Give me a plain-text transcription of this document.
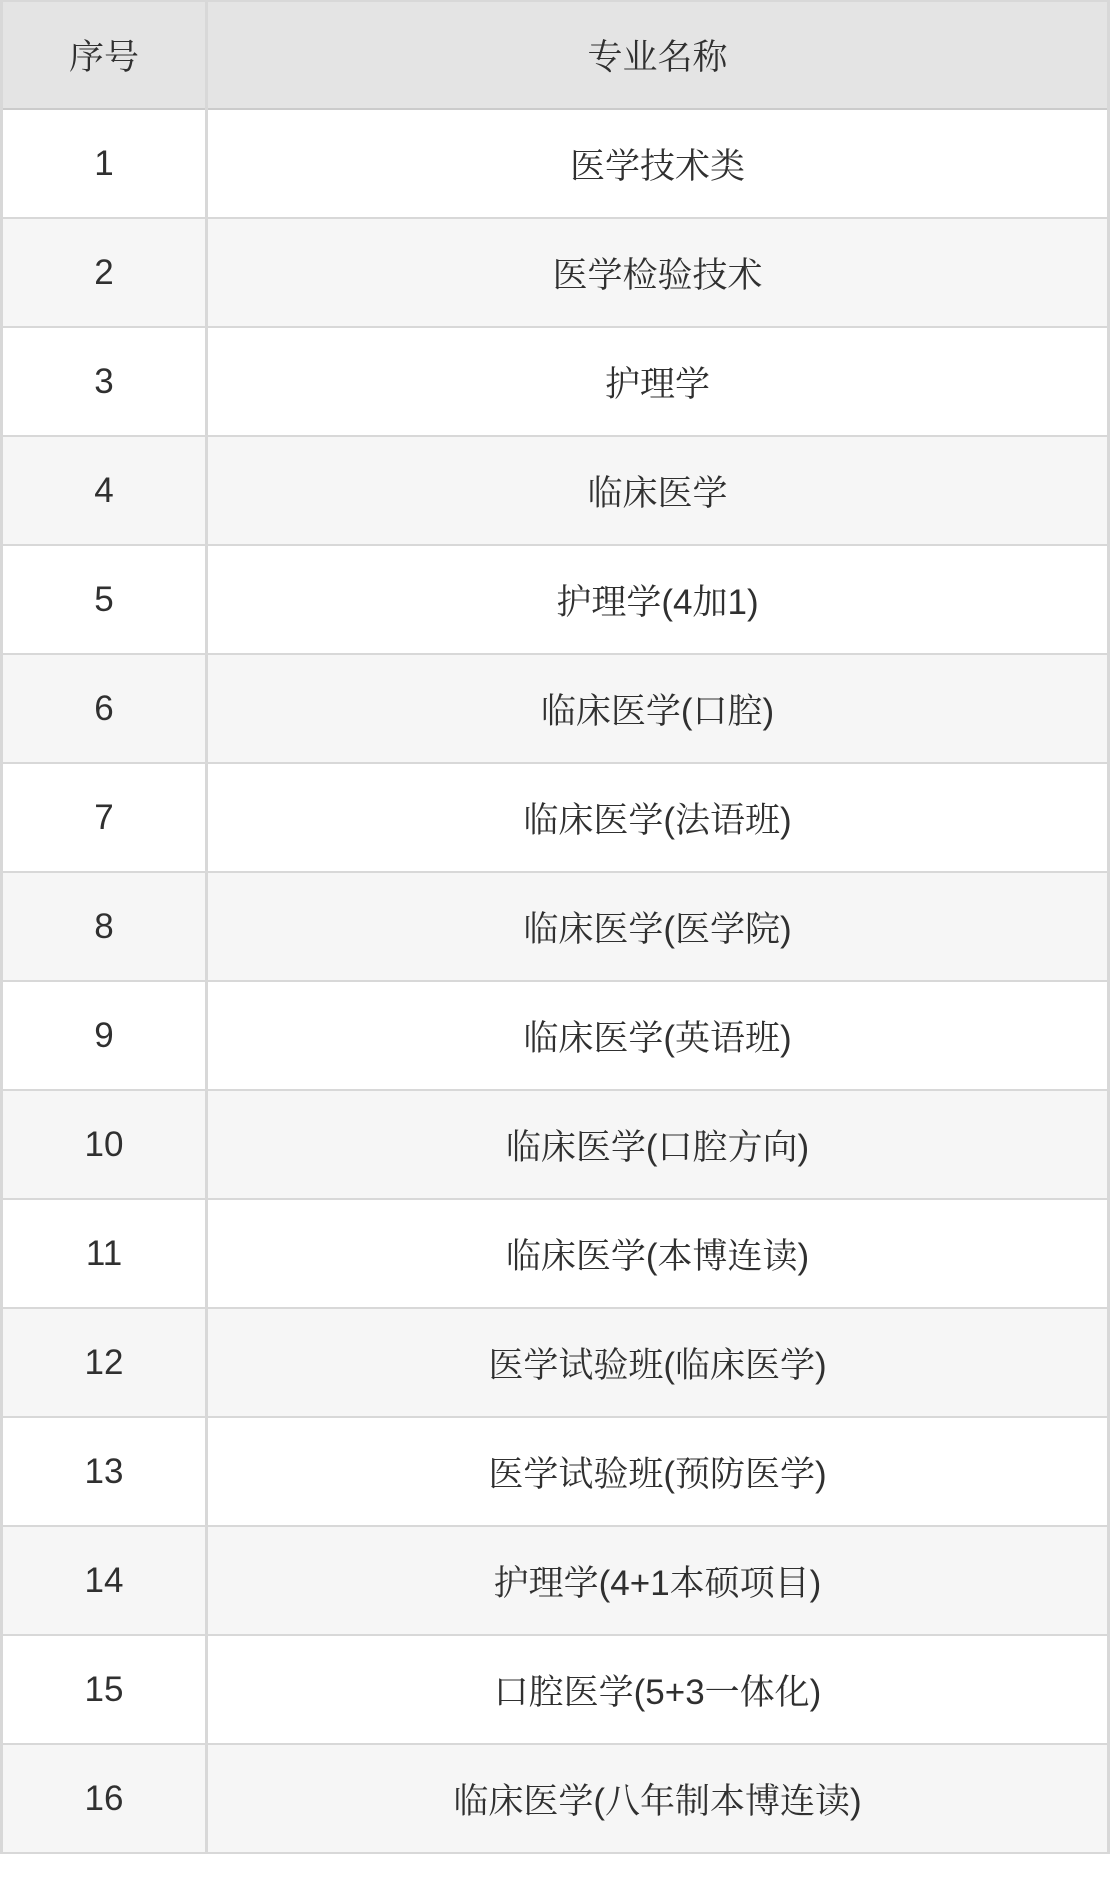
序号	专业名称
1	医学技术类
2	医学检验技术
3	护理学
4	临床医学
5	护理学(4加1)
6	临床医学(口腔)
7	临床医学(法语班)
8	临床医学(医学院)
9	临床医学(英语班)
10	临床医学(口腔方向)
11	临床医学(本博连读)
12	医学试验班(临床医学)
13	医学试验班(预防医学)
14	护理学(4+1本硕项目)
15	口腔医学(5+3一体化)
16	临床医学(八年制本博连读)
